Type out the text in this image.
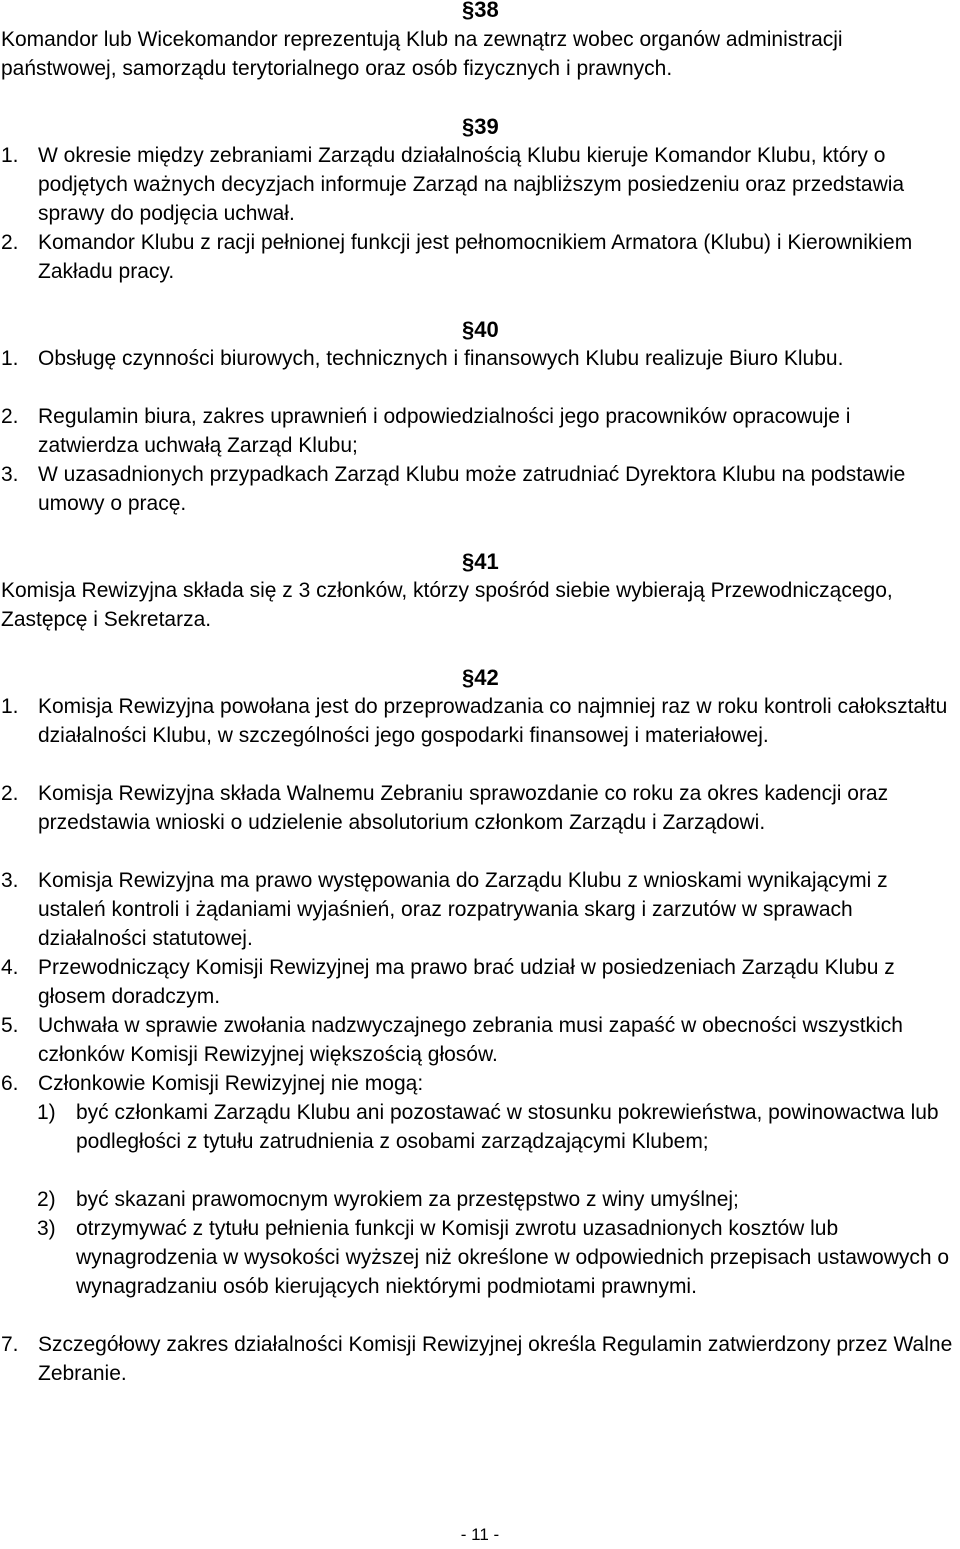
§38

Komandor lub Wicekomandor reprezentują Klub na zewnątrz wobec organów administracji państwowej, samorządu terytorialnego oraz osób fizycznych i prawnych.

§39
1. W okresie między zebraniami Zarządu działalnością Klubu kieruje Komandor Klubu, który o podjętych ważnych decyzjach informuje Zarząd na najbliższym posiedzeniu oraz przedstawia sprawy do podjęcia uchwał.
2. Komandor Klubu z racji pełnionej funkcji jest pełnomocnikiem Armatora (Klubu) i Kierownikiem Zakładu pracy.
§40
1. Obsługę czynności biurowych, technicznych i finansowych Klubu realizuje Biuro Klubu.
2. Regulamin biura, zakres uprawnień i odpowiedzialności jego pracowników opracowuje i zatwierdza uchwałą Zarząd Klubu;
3. W uzasadnionych przypadkach Zarząd Klubu może zatrudniać Dyrektora Klubu na podstawie umowy o pracę.
§41

Komisja Rewizyjna składa się z 3 członków, którzy spośród siebie wybierają Przewodniczącego, Zastępcę i Sekretarza.

§42
1. Komisja Rewizyjna powołana jest do przeprowadzania co najmniej raz w roku kontroli całokształtu działalności Klubu, w szczególności jego gospodarki finansowej i materiałowej.
2. Komisja Rewizyjna składa Walnemu Zebraniu sprawozdanie co roku za okres kadencji oraz przedstawia wnioski o udzielenie absolutorium członkom Zarządu i Zarządowi.
3. Komisja Rewizyjna ma prawo występowania do Zarządu Klubu z wnioskami wynikającymi z ustaleń kontroli i żądaniami wyjaśnień, oraz rozpatrywania skarg i zarzutów w sprawach działalności statutowej.
4. Przewodniczący Komisji Rewizyjnej ma prawo brać udział w posiedzeniach Zarządu Klubu z głosem doradczym.
5. Uchwała w sprawie zwołania nadzwyczajnego zebrania musi zapaść w obecności wszystkich członków Komisji Rewizyjnej większością głosów.
6. Członkowie Komisji Rewizyjnej nie mogą:
1) być członkami Zarządu Klubu ani pozostawać w stosunku pokrewieństwa, powinowactwa lub podległości z tytułu zatrudnienia z osobami zarządzającymi Klubem;
2) być skazani prawomocnym wyrokiem za przestępstwo z winy umyślnej;
3) otrzymywać z tytułu pełnienia funkcji w Komisji zwrotu uzasadnionych kosztów lub wynagrodzenia w wysokości wyższej niż określone w odpowiednich przepisach ustawowych o wynagradzaniu osób kierujących niektórymi podmiotami prawnymi.
7. Szczegółowy zakres działalności Komisji Rewizyjnej określa Regulamin zatwierdzony przez Walne Zebranie.
- 11 -
